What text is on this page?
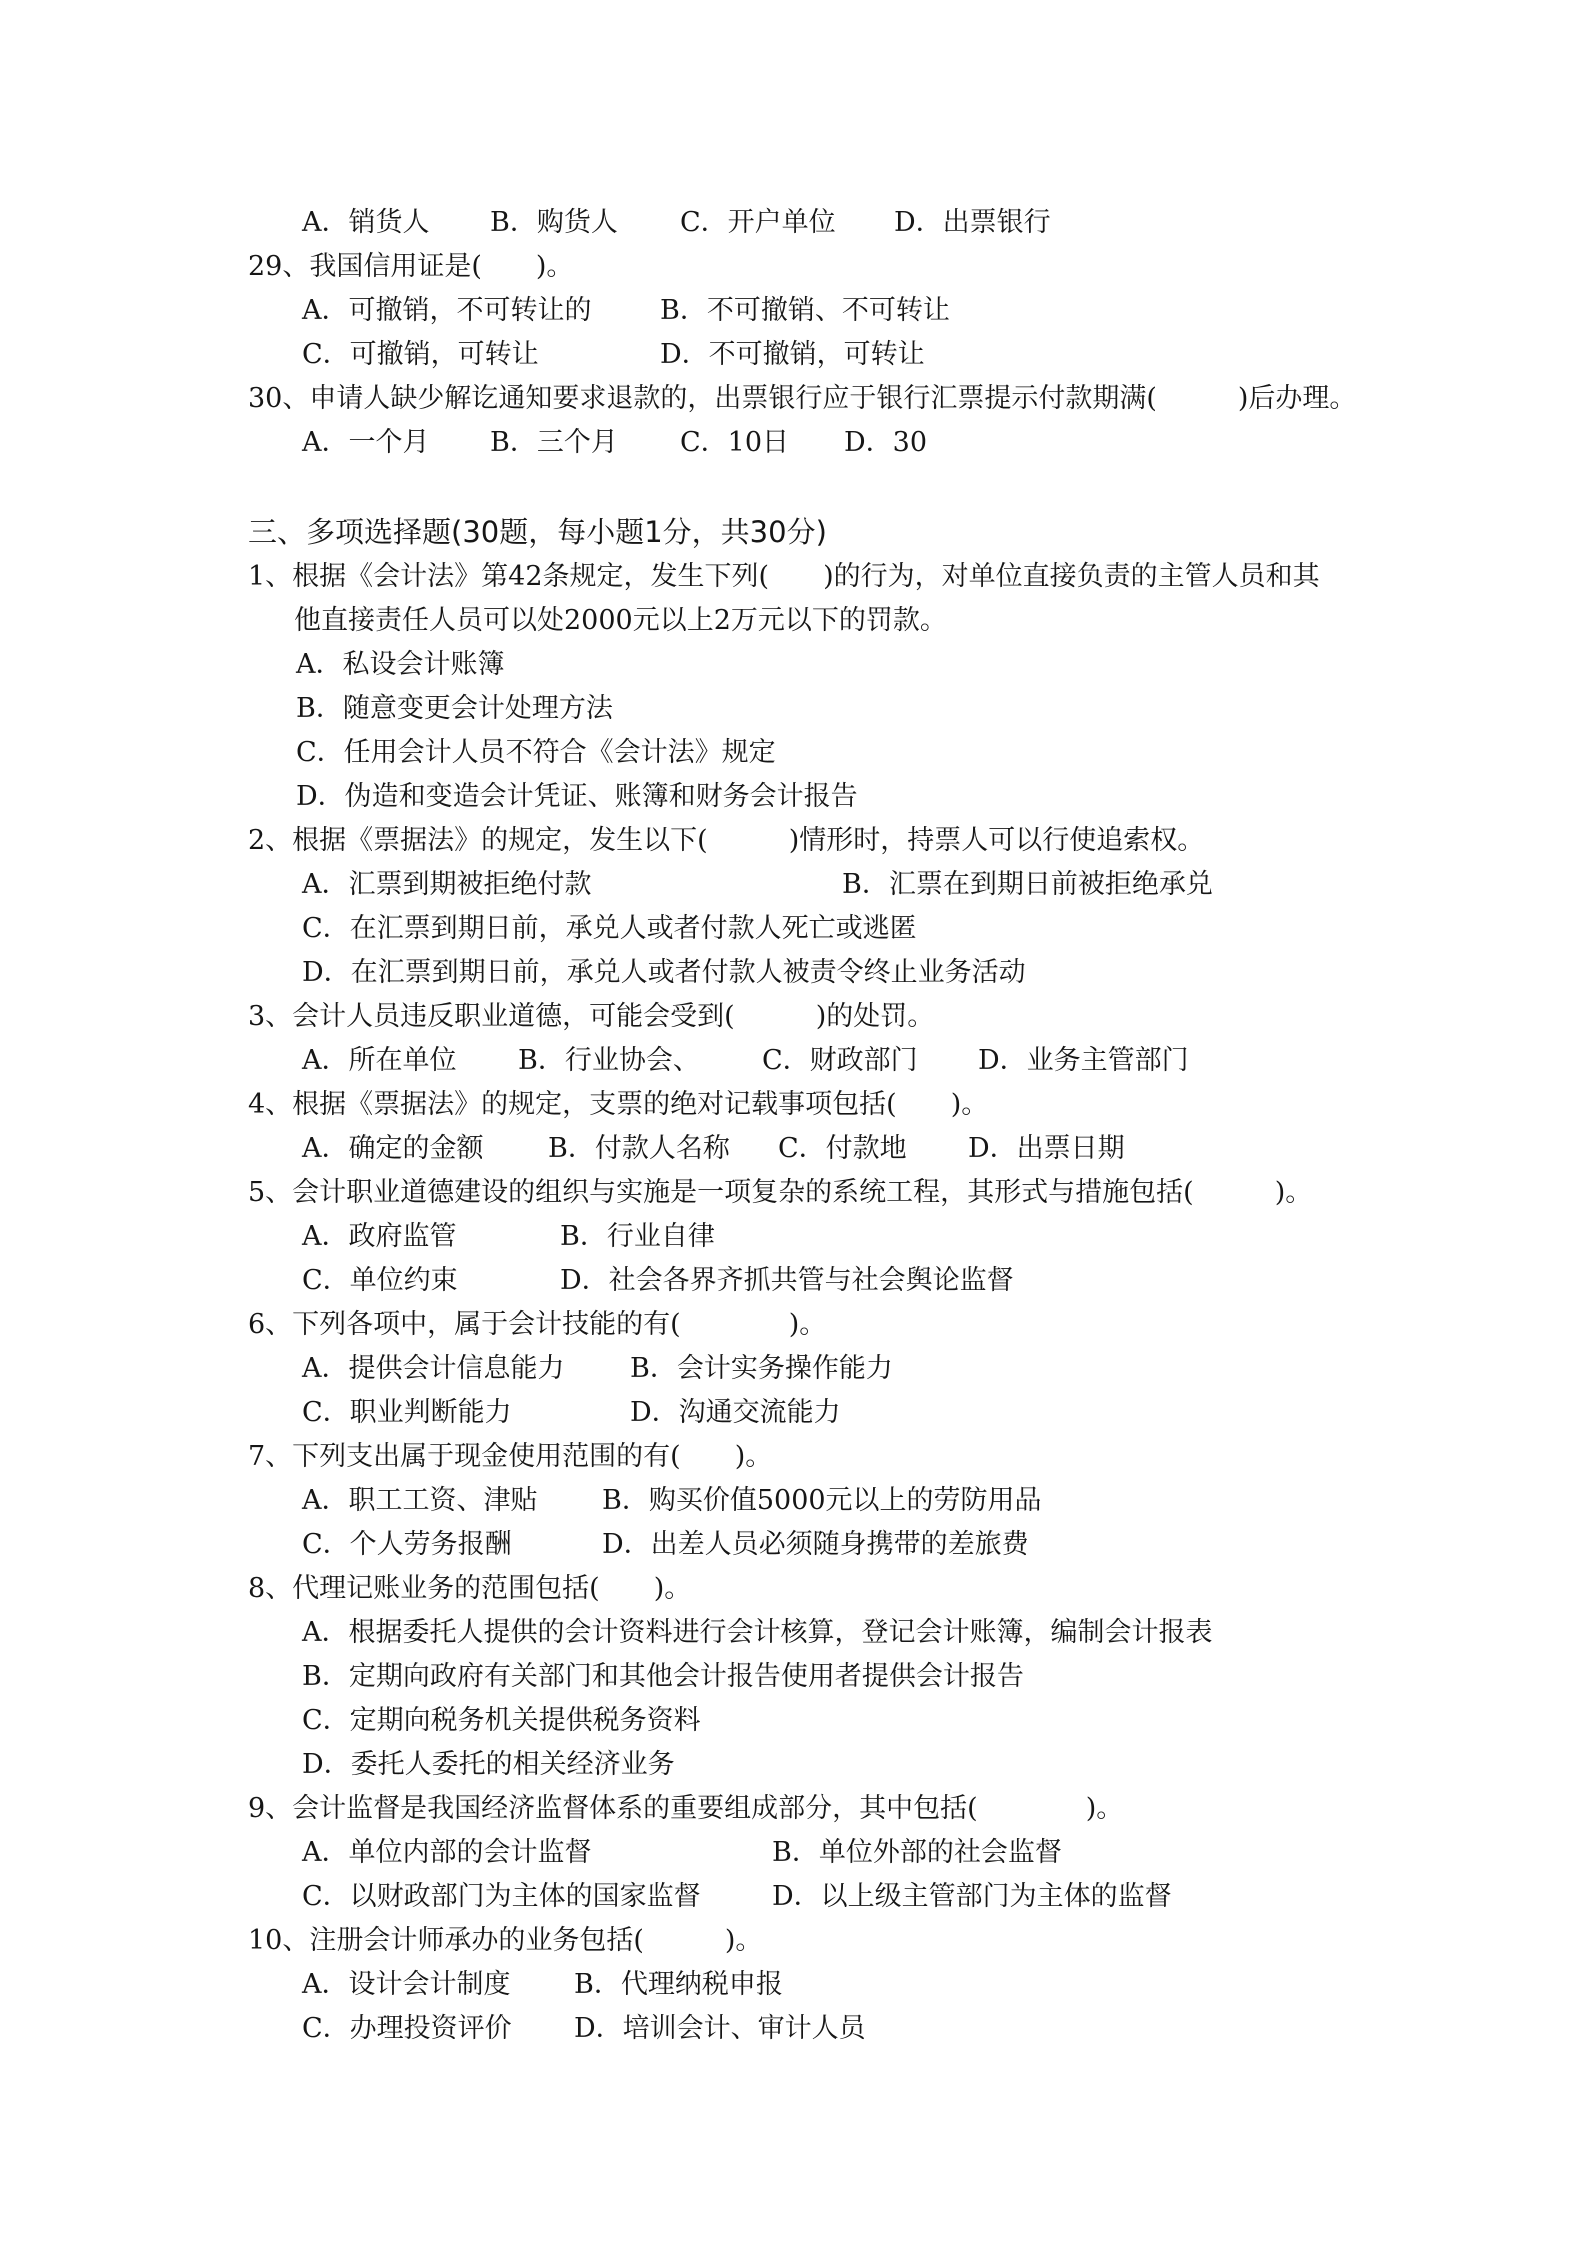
A．销货人 B．购货人 C．开户单位 D．出票银行
29、我国信用证是(　　)。
A．可撤销，不可转让的	B．不可撤销、不可转让
C．可撤销，可转让	D．不可撤销，可转让
30、申请人缺少解讫通知要求退款的，出票银行应于银行汇票提示付款期满(　　　)后办理。
A．一个月 B．三个月 C．10日 D．30
三、多项选择题(30题，每小题1分，共30分)
1、根据《会计法》第42条规定，发生下列(　　)的行为，对单位直接负责的主管人员和其
他直接责任人员可以处2000元以上2万元以下的罚款。
A．私设会计账簿
B．随意变更会计处理方法
C．任用会计人员不符合《会计法》规定
D．伪造和变造会计凭证、账簿和财务会计报告
2、根据《票据法》的规定，发生以下(　　　)情形时，持票人可以行使追索权。
A．汇票到期被拒绝付款	B．汇票在到期日前被拒绝承兑
C．在汇票到期日前，承兑人或者付款人死亡或逃匿
D．在汇票到期日前，承兑人或者付款人被责令终止业务活动
3、会计人员违反职业道德，可能会受到(　　　)的处罚。
A．所在单位 B．行业协会、 C．财政部门 D．业务主管部门
4、根据《票据法》的规定，支票的绝对记载事项包括(　　)。
A．确定的金额 B．付款人名称 C．付款地 D．出票日期
5、会计职业道德建设的组织与实施是一项复杂的系统工程，其形式与措施包括(　　　)。
A．政府监管	B．行业自律
C．单位约束	D．社会各界齐抓共管与社会舆论监督
6、下列各项中，属于会计技能的有(　　　　)。
A．提供会计信息能力 B．会计实务操作能力
C．职业判断能力	D．沟通交流能力
7、下列支出属于现金使用范围的有(　　)。
A．职工工资、津贴 B．购买价值5000元以上的劳防用品
C．个人劳务报酬	D．出差人员必须随身携带的差旅费
8、代理记账业务的范围包括(　　)。
A．根据委托人提供的会计资料进行会计核算，登记会计账簿，编制会计报表
B．定期向政府有关部门和其他会计报告使用者提供会计报告
C．定期向税务机关提供税务资料
D．委托人委托的相关经济业务
9、会计监督是我国经济监督体系的重要组成部分，其中包括(　　　　)。
A．单位内部的会计监督	B．单位外部的社会监督
C．以财政部门为主体的国家监督	D．以上级主管部门为主体的监督
10、注册会计师承办的业务包括(　　　)。
A．设计会计制度 B．代理纳税申报
C．办理投资评价 D．培训会计、审计人员
